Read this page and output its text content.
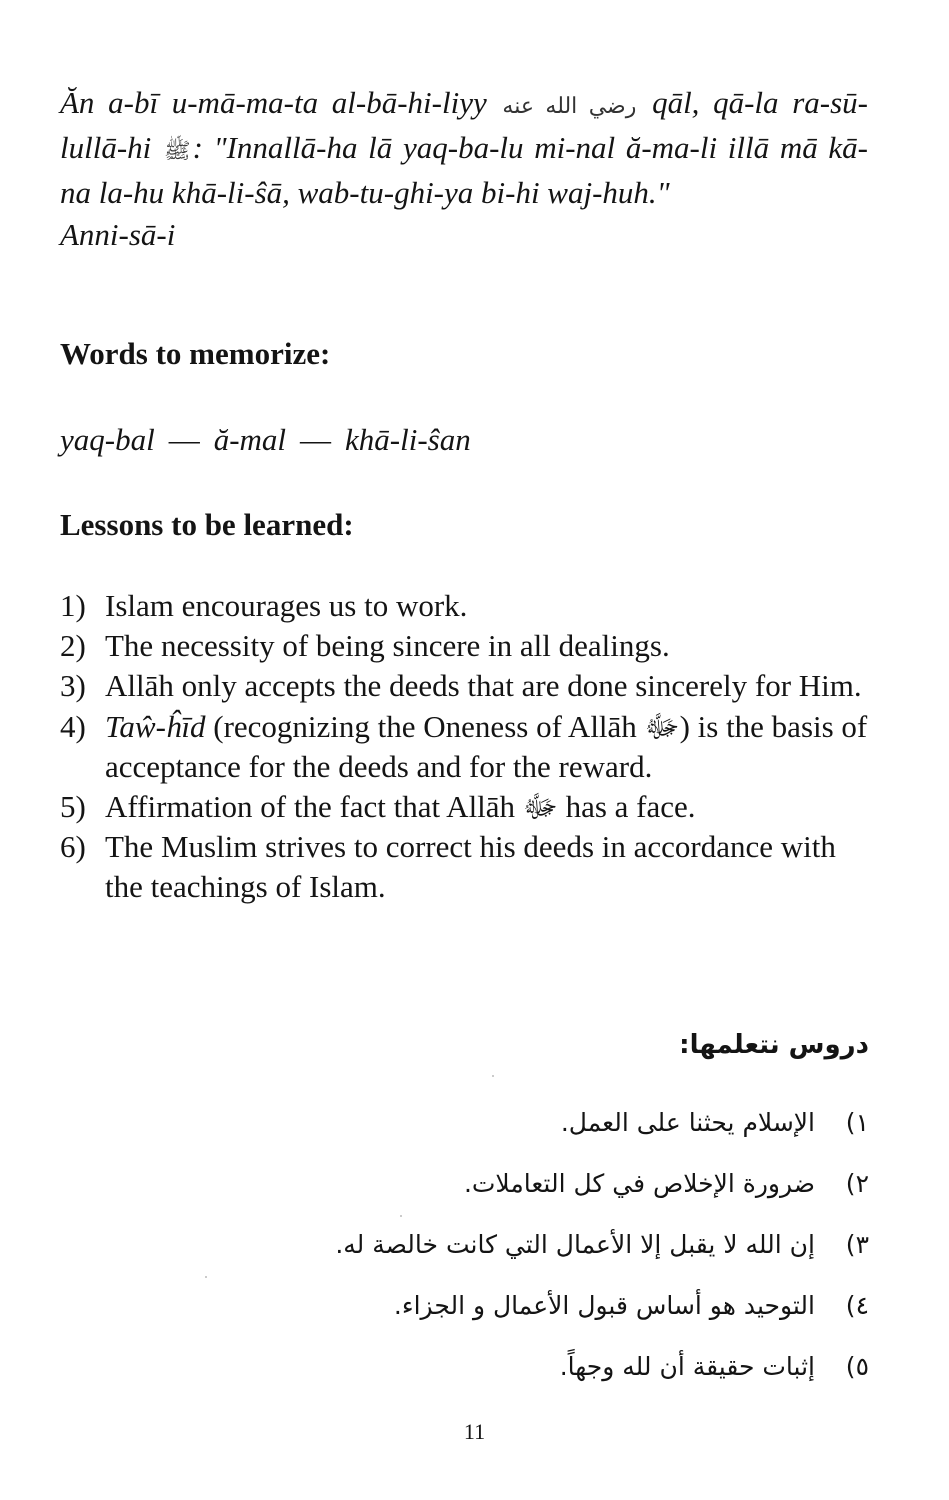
Ăn a-bī u-mā-ma-ta al-bā-hi-liyy رضي الله عنه qāl, qā-la ra-sū-lullā-hi ﷺ: "Innallā-ha lā yaq-ba-lu mi-nal ă-ma-li illā mā kā-na la-hu khā-li-ŝā, wab-tu-ghi-ya bi-hi waj-huh."
Anni-sā-i
Words to memorize:
yaq-bal — ă-mal — khā-li-ŝan
Lessons to be learned:
1) Islam encourages us to work.
2) The necessity of being sincere in all dealings.
3) Allāh only accepts the deeds that are done sincerely for Him.
4) Taŵ-ĥīd (recognizing the Oneness of Allāh ﷻ) is the basis of acceptance for the deeds and for the reward.
5) Affirmation of the fact that Allāh ﷻ has a face.
6) The Muslim strives to correct his deeds in accordance with the teachings of Islam.
دروس نتعلمها:
١)
الإسلام يحثنا على العمل.
٢)
ضرورة الإخلاص في كل التعاملات.
٣)
إن الله لا يقبل إلا الأعمال التي كانت خالصة له.
٤)
التوحيد هو أساس قبول الأعمال و الجزاء.
٥)
إثبات حقيقة أن لله وجهاً.
11
